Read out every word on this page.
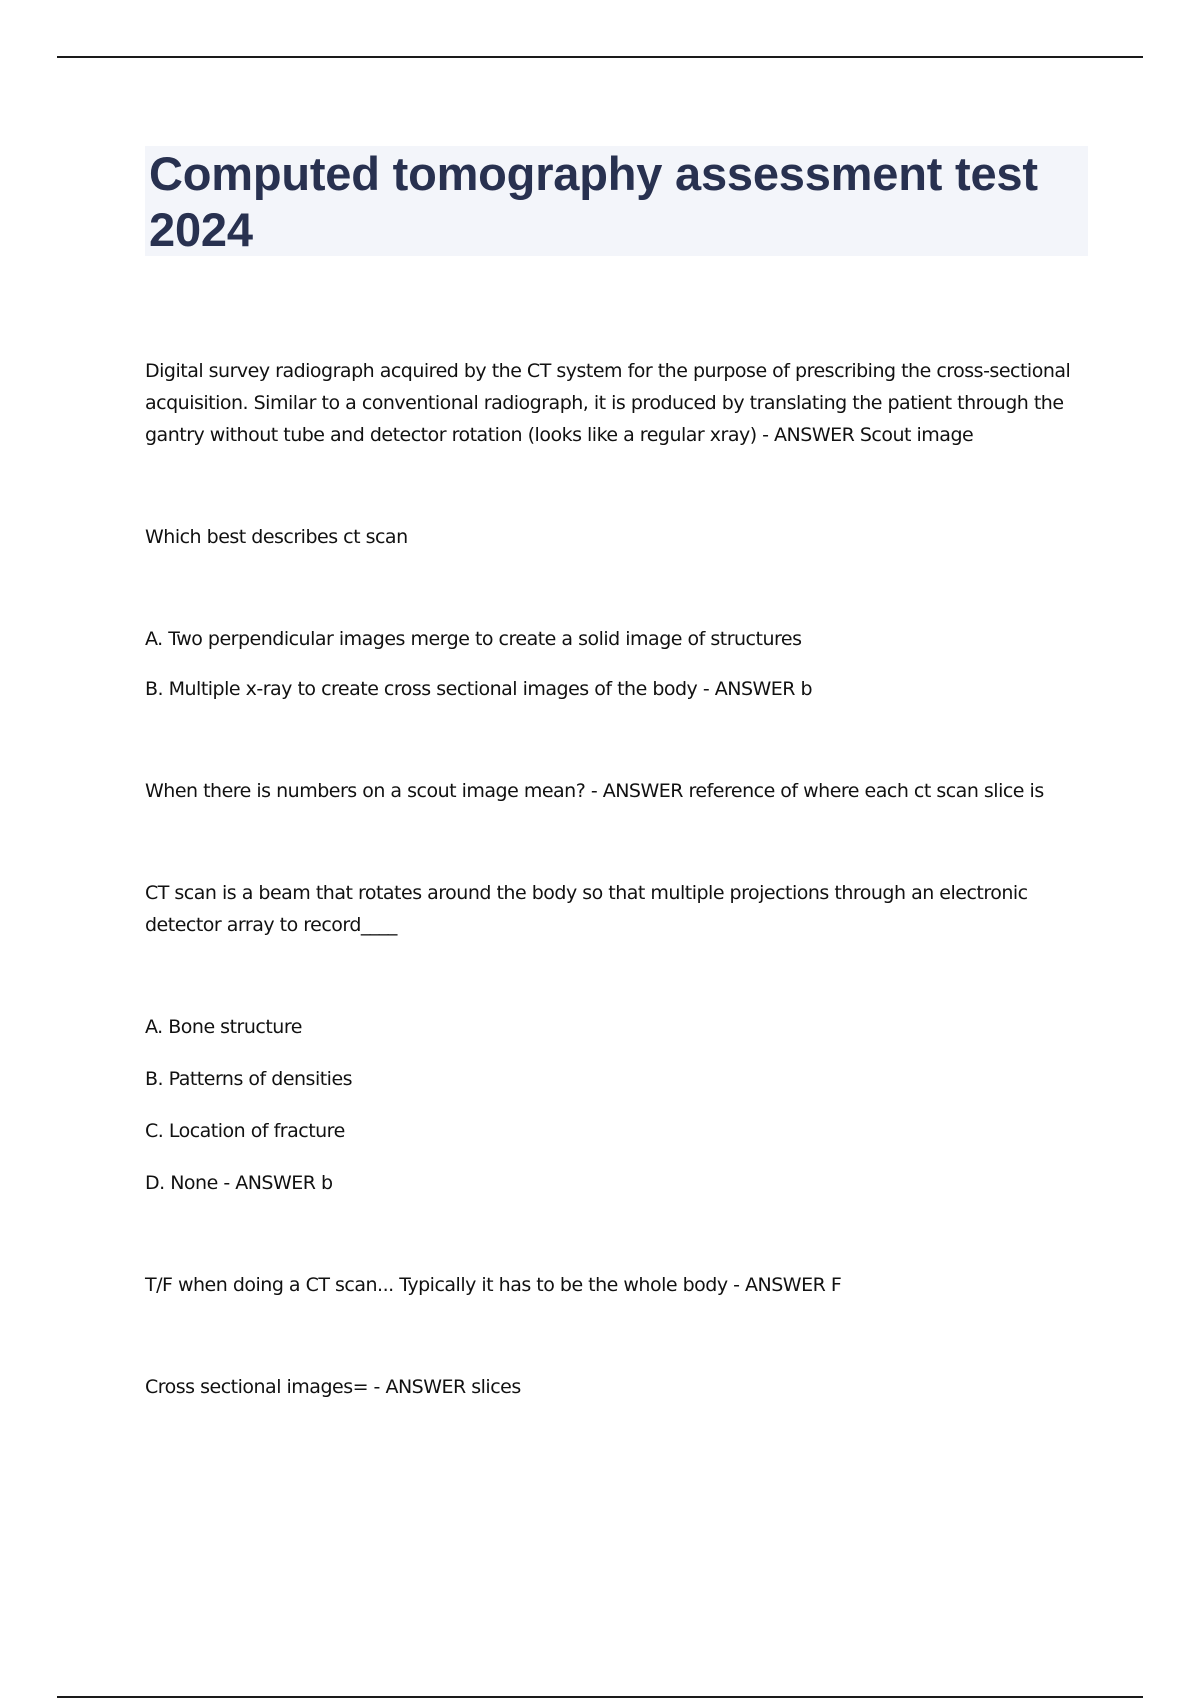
Computed tomography assessment test 2024

Digital survey radiograph acquired by the CT system for the purpose of prescribing the cross-sectional acquisition. Similar to a conventional radiograph, it is produced by translating the patient through the gantry without tube and detector rotation (looks like a regular xray) - ANSWER Scout image

Which best describes ct scan

A. Two perpendicular images merge to create a solid image of structures

B. Multiple x-ray to create cross sectional images of the body - ANSWER b

When there is numbers on a scout image mean? - ANSWER reference of where each ct scan slice is

CT scan is a beam that rotates around the body so that multiple projections through an electronic detector array to record____

A. Bone structure

B. Patterns of densities

C. Location of fracture

D. None - ANSWER b

T/F when doing a CT scan... Typically it has to be the whole body - ANSWER F

Cross sectional images= - ANSWER slices
